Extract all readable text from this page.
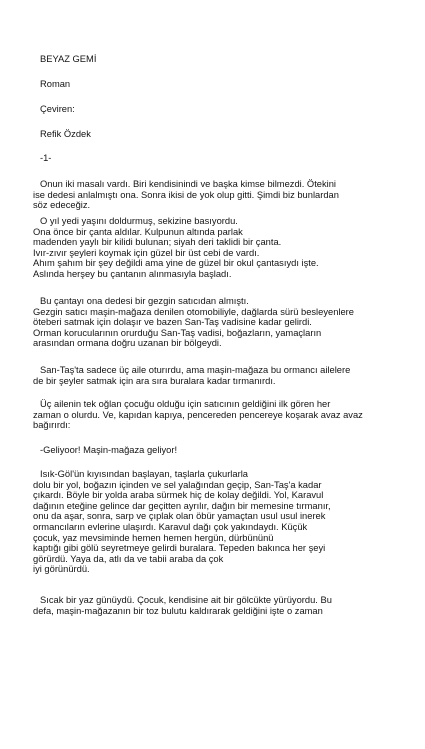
BEYAZ GEMİ
Roman
Çeviren:
Refik Özdek
-1-
Onun iki masalı vardı. Biri kendisinindi ve başka kimse bilmezdi. Ötekini
ise dedesi anlalmıştı ona. Sonra ikisi de yok olup gitti. Şimdi biz bunlardan
söz edeceğiz.
O yıl yedi yaşını doldurmuş, sekizine basıyordu.
Ona önce bir çanta aldılar. Kulpunun altında parlak
madenden yaylı bir kilidi bulunan; siyah deri taklidi bir çanta.
Ivır-zıvır şeyleri koymak için güzel bir üst cebi de vardı.
Ahım şahım bir şey değildi ama yine de güzel bir okul çantasıydı işte.
Aslında herşey bu çantanın alınmasıyla başladı.
Bu çantayı ona dedesi bir gezgin satıcıdan almıştı.
Gezgin satıcı maşin-mağaza denilen otomobiliyle, dağlarda sürü besleyenlere
öteberi satmak için dolaşır ve bazen San-Taş vadisine kadar gelirdi.
Orman korucularının orurduğu San-Taş vadisi, boğazların, yamaçların
arasından ormana doğru uzanan bir bölgeydi.
San-Taş'ta sadece üç aile oturırdu, ama maşin-mağaza bu ormancı ailelere
de bir şeyler satmak için ara sıra buralara kadar tırmanırdı.
Üç ailenin tek oğlan çocuğu olduğu için satıcının geldiğini ilk gören her
zaman o olurdu. Ve, kapıdan kapıya, pencereden pencereye koşarak avaz avaz
bağırırdı:
-Geliyoor! Maşin-mağaza geliyor!
Isık-Göl'ün kıyısından başlayan, taşlarla çukurlarla
dolu bir yol, boğazın içinden ve sel yalağından geçip, San-Taş'a kadar
çıkardı. Böyle bir yolda araba sürmek hiç de kolay değildi. Yol, Karavul
dağının eteğine gelince dar geçitten ayrılır, dağın bir memesine tırmanır,
onu da aşar, sonra, sarp ve çıplak olan öbür yamaçtan usul usul inerek
ormancıların evlerine ulaşırdı. Karavul dağı çok yakındaydı. Küçük
çocuk, yaz mevsiminde hemen hemen hergün, dürbününü
kaptığı gibi gölü seyretmeye gelirdi buralara. Tepeden bakınca her şeyi
görürdü. Yaya da, atlı da ve tabii araba da çok
iyi görünürdü.
Sıcak bir yaz günüydü. Çocuk, kendisine ait bir gölcükte yürüyordu. Bu
defa, maşin-mağazanın bir toz bulutu kaldırarak geldiğini işte o zaman
